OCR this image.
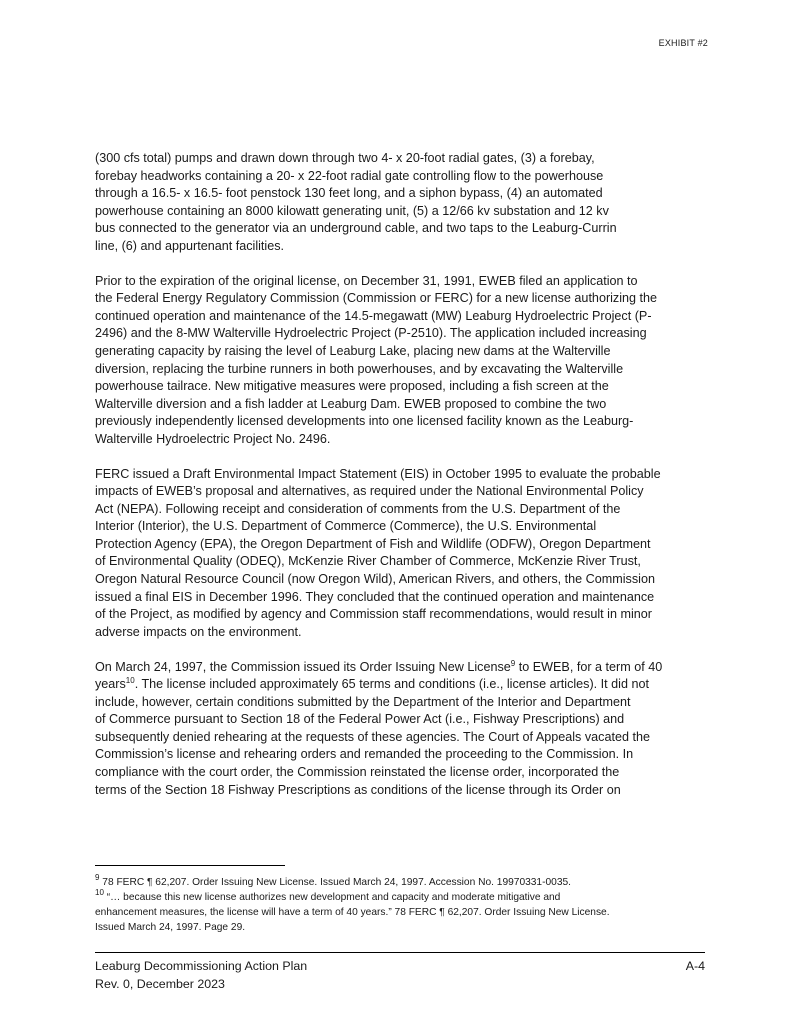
EXHIBIT #2

(300 cfs total) pumps and drawn down through two 4- x 20-foot radial gates, (3) a forebay,
forebay headworks containing a 20- x 22-foot radial gate controlling flow to the powerhouse
through a 16.5- x 16.5- foot penstock 130 feet long, and a siphon bypass, (4) an automated
powerhouse containing an 8000 kilowatt generating unit, (5) a 12/66 kv substation and 12 kv
bus connected to the generator via an underground cable, and two taps to the Leaburg-Currin
line, (6) and appurtenant facilities.

Prior to the expiration of the original license, on December 31, 1991, EWEB filed an application to
the Federal Energy Regulatory Commission (Commission or FERC) for a new license authorizing the
continued operation and maintenance of the 14.5-megawatt (MW) Leaburg Hydroelectric Project (P-
2496) and the 8-MW Walterville Hydroelectric Project (P-2510). The application included increasing
generating capacity by raising the level of Leaburg Lake, placing new dams at the Walterville
diversion, replacing the turbine runners in both powerhouses, and by excavating the Walterville
powerhouse tailrace. New mitigative measures were proposed, including a fish screen at the
Walterville diversion and a fish ladder at Leaburg Dam. EWEB proposed to combine the two
previously independently licensed developments into one licensed facility known as the Leaburg-
Walterville Hydroelectric Project No. 2496.

FERC issued a Draft Environmental Impact Statement (EIS) in October 1995 to evaluate the probable
impacts of EWEB’s proposal and alternatives, as required under the National Environmental Policy
Act (NEPA). Following receipt and consideration of comments from the U.S. Department of the
Interior (Interior), the U.S. Department of Commerce (Commerce), the U.S. Environmental
Protection Agency (EPA), the Oregon Department of Fish and Wildlife (ODFW), Oregon Department
of Environmental Quality (ODEQ), McKenzie River Chamber of Commerce, McKenzie River Trust,
Oregon Natural Resource Council (now Oregon Wild), American Rivers, and others, the Commission
issued a final EIS in December 1996. They concluded that the continued operation and maintenance
of the Project, as modified by agency and Commission staff recommendations, would result in minor
adverse impacts on the environment.

On March 24, 1997, the Commission issued its Order Issuing New License$^9$ to EWEB, for a term of 40
years$^{10}$. The license included approximately 65 terms and conditions (i.e., license articles). It did not
include, however, certain conditions submitted by the Department of the Interior and Department
of Commerce pursuant to Section 18 of the Federal Power Act (i.e., Fishway Prescriptions) and
subsequently denied rehearing at the requests of these agencies. The Court of Appeals vacated the
Commission’s license and rehearing orders and remanded the proceeding to the Commission. In
compliance with the court order, the Commission reinstated the license order, incorporated the
terms of the Section 18 Fishway Prescriptions as conditions of the license through its Order on

$^9$ 78 FERC ¶ 62,207. Order Issuing New License. Issued March 24, 1997. Accession No. 19970331-0035.
$^{10}$ “… because this new license authorizes new development and capacity and moderate mitigative and
enhancement measures, the license will have a term of 40 years.” 78 FERC ¶ 62,207. Order Issuing New License.
Issued March 24, 1997. Page 29.
Leaburg Decommissioning Action Plan
Rev. 0, December 2023
A-4
